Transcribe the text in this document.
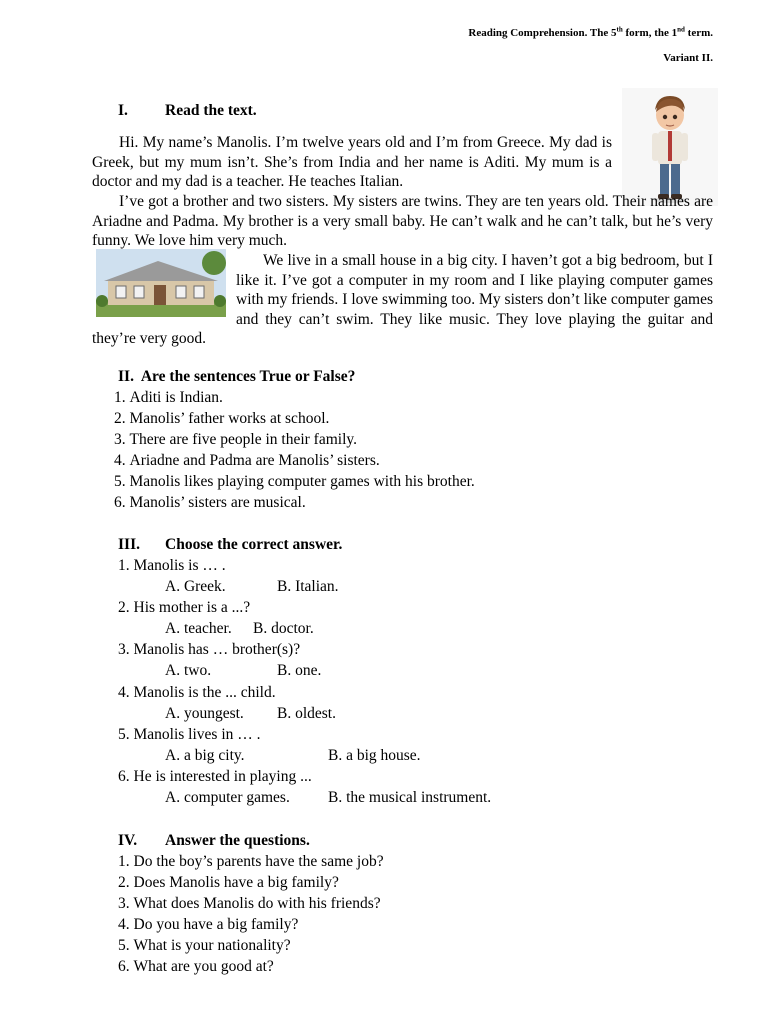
Reading Comprehension. The 5th form, the 1nd term.
Variant II.
I. Read the text.

Hi. My name’s Manolis. I’m twelve years old and I’m from Greece. My dad is Greek, but my mum isn’t. She’s from India and her name is Aditi. My mum is a doctor and my dad is a teacher. He teaches Italian.

I’ve got a brother and two sisters. My sisters are twins. They are ten years old. Their names are Ariadne and Padma. My brother is a very small baby. He can’t walk and he can’t talk, but he’s very funny. We love him very much.

We live in a small house in a big city. I haven’t got a big bedroom, but I like it. I’ve got a computer in my room and I like playing computer games with my friends. I love swimming too. My sisters don’t like computer games and they can’t swim. They like music. They love playing the guitar and they’re very good.

II. Are the sentences True or False?
1. Aditi is Indian.
2. Manolis’ father works at school.
3. There are five people in their family.
4. Ariadne and Padma are Manolis’ sisters.
5. Manolis likes playing computer games with his brother.
6. Manolis’ sisters are musical.
III. Choose the correct answer.
1. Manolis is … .
A. Greek.	B. Italian.
2. His mother is a ...?
A. teacher. B. doctor.
3. Manolis has … brother(s)?
A. two.	B. one.
4. Manolis is the ... child.
A. youngest. B. oldest.
5. Manolis lives in … .
A. a big city.	B. a big house.
6. He is interested in playing ...
A. computer games. B. the musical instrument.
IV. Answer the questions.
1. Do the boy’s parents have the same job?
2. Does Manolis have a big family?
3. What does Manolis do with his friends?
4. Do you have a big family?
5. What is your nationality?
6. What are you good at?
